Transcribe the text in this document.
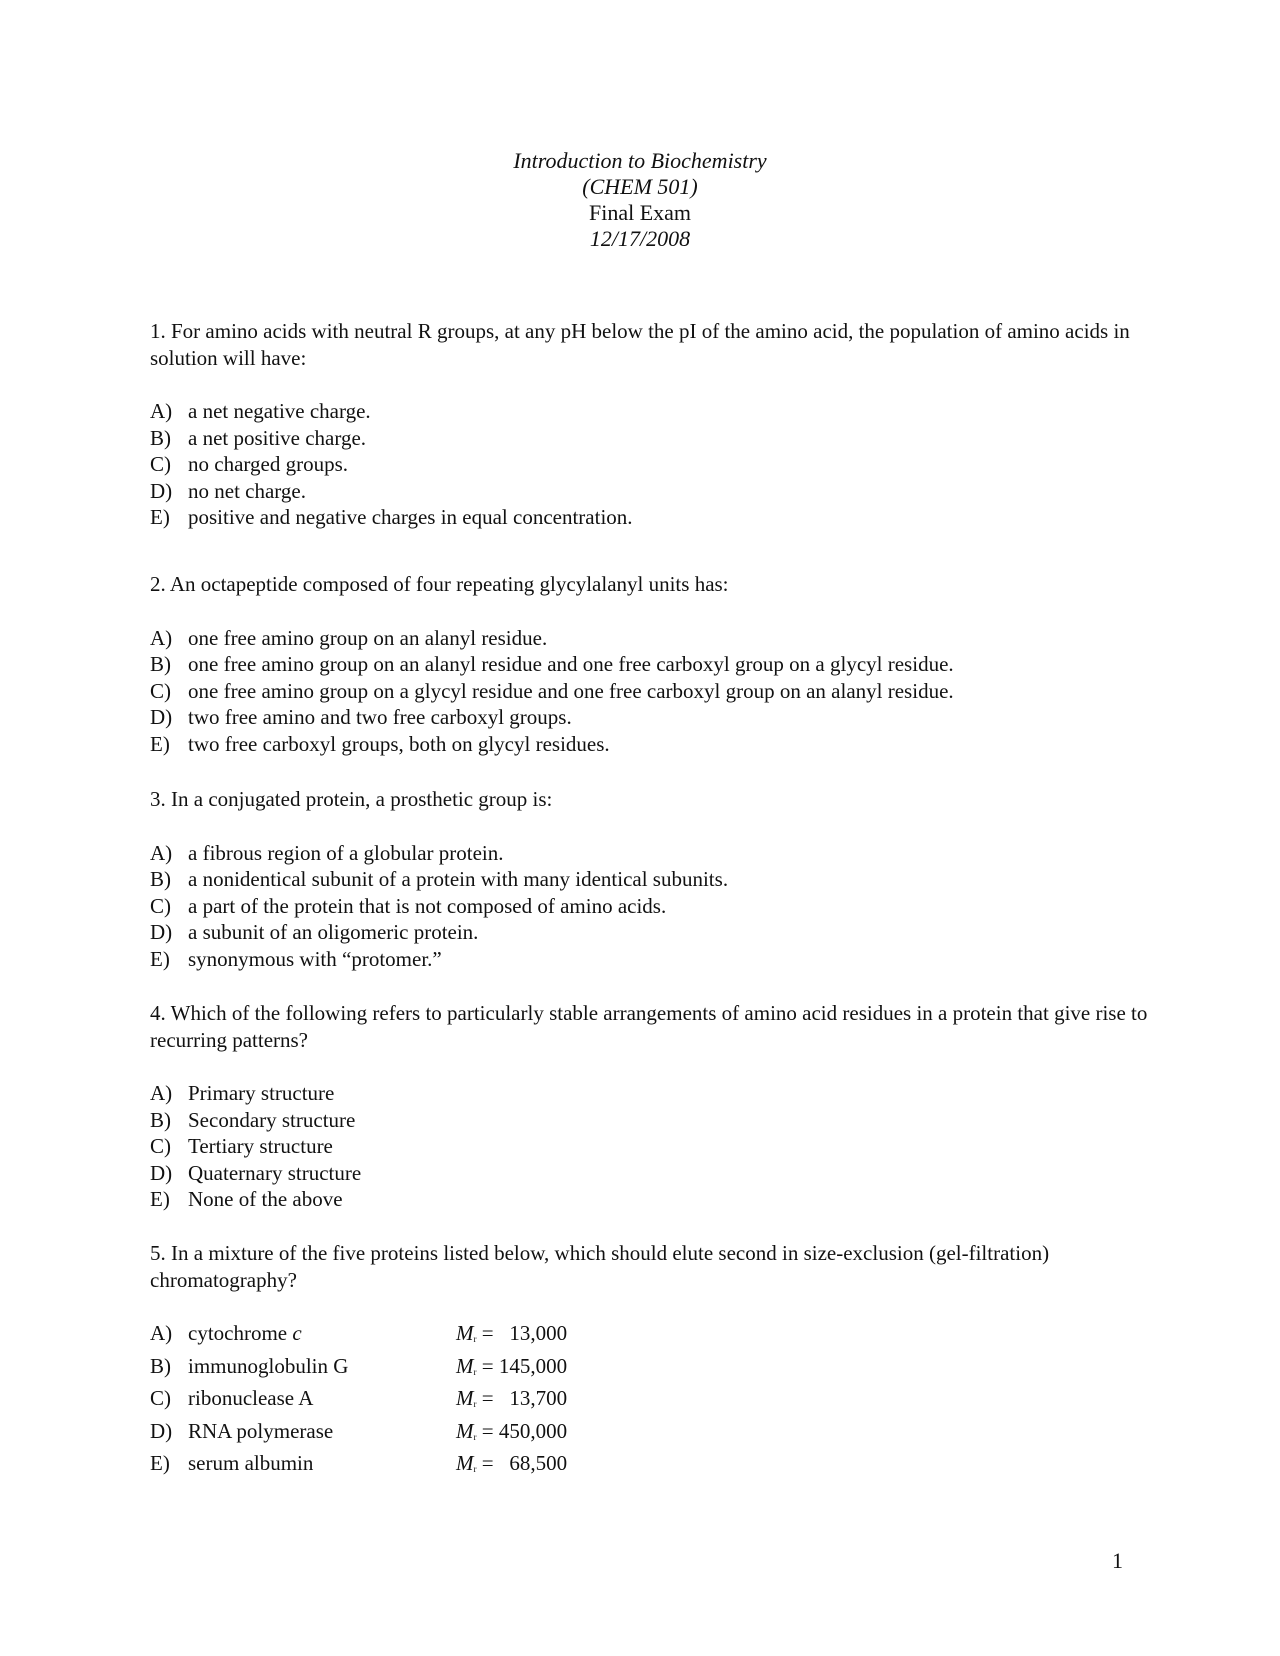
Introduction to Biochemistry
(CHEM 501)
Final Exam
12/17/2008

1. For amino acids with neutral R groups, at any pH below the pI of the amino acid, the population of amino acids in solution will have:

A) a net negative charge.
B) a net positive charge.
C) no charged groups.
D) no net charge.
E) positive and negative charges in equal concentration.

2. An octapeptide composed of four repeating glycylalanyl units has:

A) one free amino group on an alanyl residue.
B) one free amino group on an alanyl residue and one free carboxyl group on a glycyl residue.
C) one free amino group on a glycyl residue and one free carboxyl group on an alanyl residue.
D) two free amino and two free carboxyl groups.
E) two free carboxyl groups, both on glycyl residues.

3. In a conjugated protein, a prosthetic group is:

A) a fibrous region of a globular protein.
B) a nonidentical subunit of a protein with many identical subunits.
C) a part of the protein that is not composed of amino acids.
D) a subunit of an oligomeric protein.
E) synonymous with “protomer.”

4. Which of the following refers to particularly stable arrangements of amino acid residues in a protein that give rise to recurring patterns?

A) Primary structure
B) Secondary structure
C) Tertiary structure
D) Quaternary structure
E) None of the above

5. In a mixture of the five proteins listed below, which should elute second in size-exclusion (gel-filtration) chromatography?

A) cytochrome c	$M_r = 13,000$
B) immunoglobulin G	$M_r = 145,000$
C) ribonuclease A	$M_r = 13,700$
D) RNA polymerase	$M_r = 450,000$
E) serum albumin	$M_r = 68,500$
1
